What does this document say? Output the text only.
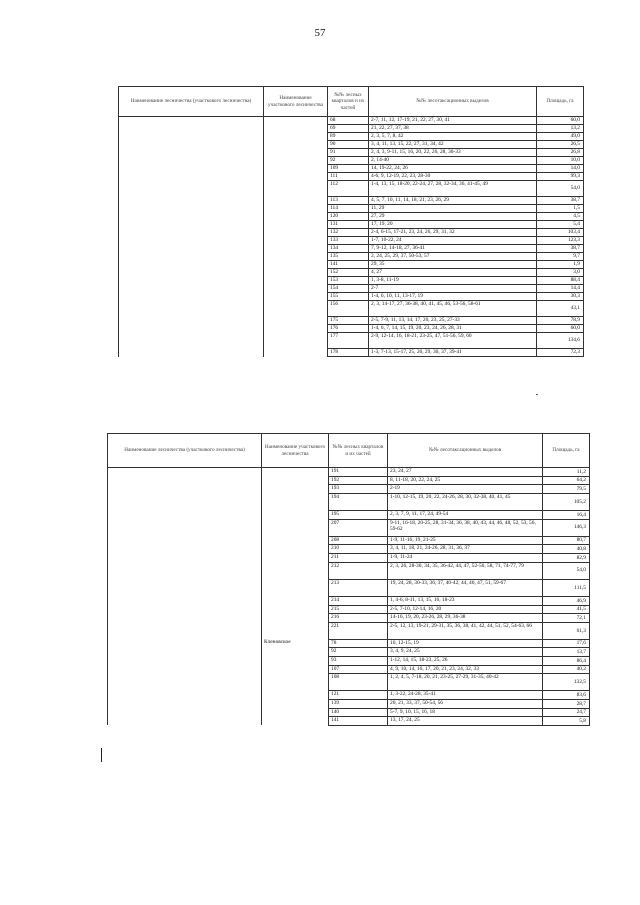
57
Наименование лесничества (участкового лесничества)	Наименование участкового лесничества	№№ лесных кварталов и их частей	№№ лесотаксационных выделов	Площадь, га
		68	2-7, 11, 12, 17-19, 21, 22, 27, 30, 41	60,0
		69	21, 22, 27, 37, 38	13,2
		89	2, 3, 5, 7, 8, 42	49,0
		90	3, 4, 11, 13, 15, 22, 27, 31, 34, 42	26,5
		91	2, 4, 3, 9-11, 15, 16, 20, 22, 26, 28, 30-33	26,8
		92	2, 14-40	10,0
		109	14, 19-22, 24, 26	14,0
		111	4-6, 9, 12-19, 22, 23, 28-30	99,3
		112	1-4, 13, 15, 18-20, 22-24, 27, 28, 32-34, 36, 41-45, 49	54,0
		113	4, 5, 7, 10, 11, 14, 18, 21, 23, 26, 29	38,7
		114	11, 29	1,5
		120	27, 29	4,5
		131	17, 19, 20	5,4
		132	2-4, 6-15, 17-21, 23, 24, 26, 29, 31, 32	103,4
		133	1-7, 10-22, 24	123,3
		134	7, 9-12, 14-18, 27, 36-41	38,7
		135	2, 24, 25, 29, 37, 50-53, 57	9,7
		141	29, 35	1,9
		152	4, 27	3,0
		153	1, 3-8, 11-19	88,4
		154	2-7	14,4
		155	1-4, 6, 10, 11, 13-17, 19	30,3
		156	2, 3, 14-17, 27, 36-38, 40, 41, 45, 46, 53-56, 58-61	43,1
		175	2-5, 7-9, 11, 13, 14, 17, 20, 23, 25, 27-33	78,9
		176	1-4, 6, 7, 14, 15, 19, 20, 23, 24, 26, 28, 31	60,0
		177	2-9, 12-14, 16, 18-21, 23-25, 47, 51-56, 59, 60	134,6
		178	1-3, 7-13, 15-17, 25, 26, 29, 30, 37, 39-41	72,3
Наименование лесничества (участкового лесничества)	Наименование участкового лесничества	№№ лесных кварталов и их частей	№№ лесотаксационных выделов	Площадь, га
		191	23, 24, 27	11,2
		192	8, 11-18, 20, 22, 24, 25	64,2
		193	2-19	79,5
		194	1-10, 12-15, 19, 20, 22, 24-26, 28, 30, 32-38, 40, 41, 45	105,2
		195	2, 3, 7, 9, 11, 17, 24, 49-54	16,4
		207	9-11, 16-18, 20-25, 28, 31-34, 36, 38, 40, 43, 44, 46, 48, 52, 53, 56, 59-62	146,3
		208	1-9, 11-16, 19, 21-25	80,7
		210	3, 4, 11, 18, 21, 24-26, 28, 31, 36, 37	40,8
		211	1-9, 11-24	82,9
		212	2, 3, 26, 28-30, 34, 35, 36-42, 44, 47, 52-56, 58, 71, 74-77, 79	54,0
		213	19, 24, 28, 30-33, 36, 37, 40-42, 44, 46, 47, 51, 59-67	111,5
		214	1, 4-6, 8-11, 13, 15, 16, 18-23	46,9
		215	2-5, 7-10, 12-14, 16, 20	41,5
		216	14-16, 19, 20, 23-26, 28, 29, 36-38	72,1
		221	2-5, 12, 13, 19-21, 29-31, 35, 36, 38, 41, 42, 44, 51, 52, 54-63, 66	61,3
	Кленовское	78	10, 12-15, 19	17,6
		92	3, 4, 9, 24, 25	13,7
		93	1-12, 14, 15, 18-23, 25, 26	86,4
		107	4, 9, 10, 14, 16, 17, 20, 21, 23, 24, 32, 33	40,2
		108	1, 2, 4, 5, 7-18, 20, 21, 23-25, 27-29, 31-35, 40-42	132,5
		121	1, 3-22, 24-28, 35-41	83,6
		139	20, 21, 33, 37, 50-54, 56	28,7
		140	5-7, 9, 10, 15, 16, 18	24,7
		141	13, 17, 24, 25	5,8
